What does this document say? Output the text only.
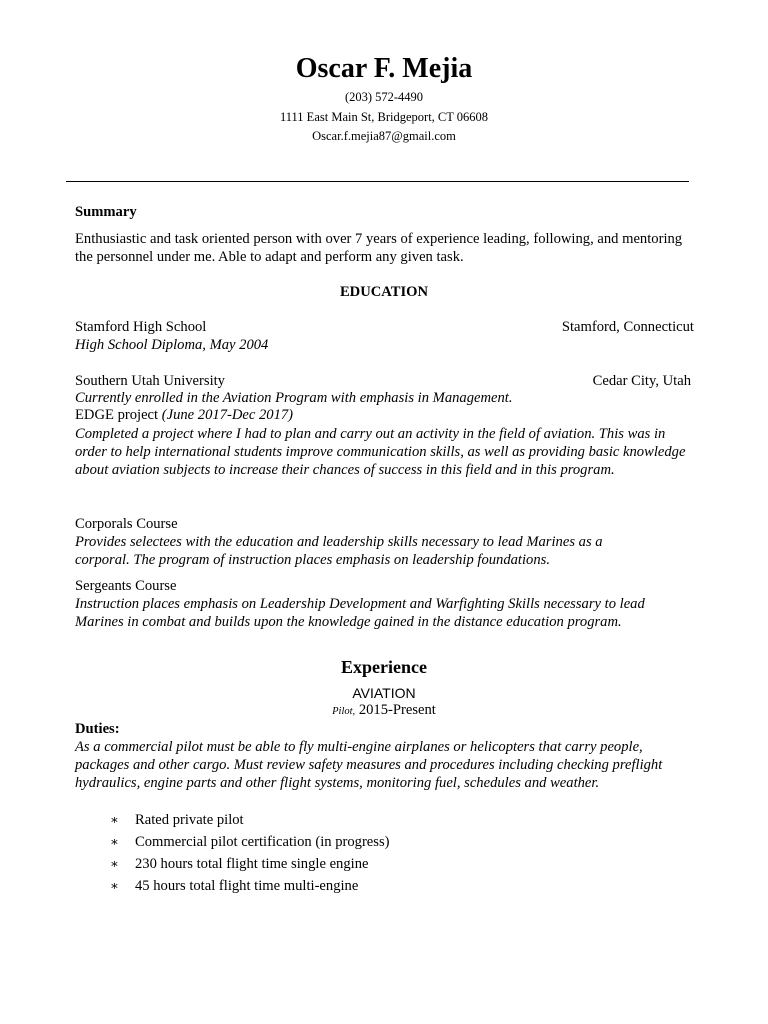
Oscar F. Mejia
(203) 572-4490
1111 East Main St, Bridgeport, CT 06608
Oscar.f.mejia87@gmail.com
Summary
Enthusiastic and task oriented person with over 7 years of experience leading, following, and mentoring the personnel under me. Able to adapt and perform any given task.
EDUCATION
Stamford High School	Stamford, Connecticut
High School Diploma, May 2004
Southern Utah University	Cedar City, Utah
Currently enrolled in the Aviation Program with emphasis in Management.
EDGE project (June 2017-Dec 2017)
Completed a project where I had to plan and carry out an activity in the field of aviation. This was in order to help international students improve communication skills, as well as providing basic knowledge about aviation subjects to increase their chances of success in this field and in this program.
Corporals Course
Provides selectees with the education and leadership skills necessary to lead Marines as a corporal. The program of instruction places emphasis on leadership foundations.
Sergeants Course
Instruction places emphasis on Leadership Development and Warfighting Skills necessary to lead Marines in combat and builds upon the knowledge gained in the distance education program.
Experience
AVIATION
Pilot, 2015-Present
Duties:
As a commercial pilot must be able to fly multi-engine airplanes or helicopters that carry people, packages and other cargo. Must review safety measures and procedures including checking preflight hydraulics, engine parts and other flight systems, monitoring fuel, schedules and weather.
∗ Rated private pilot
∗ Commercial pilot certification (in progress)
∗ 230 hours total flight time single engine
∗ 45 hours total flight time multi-engine
